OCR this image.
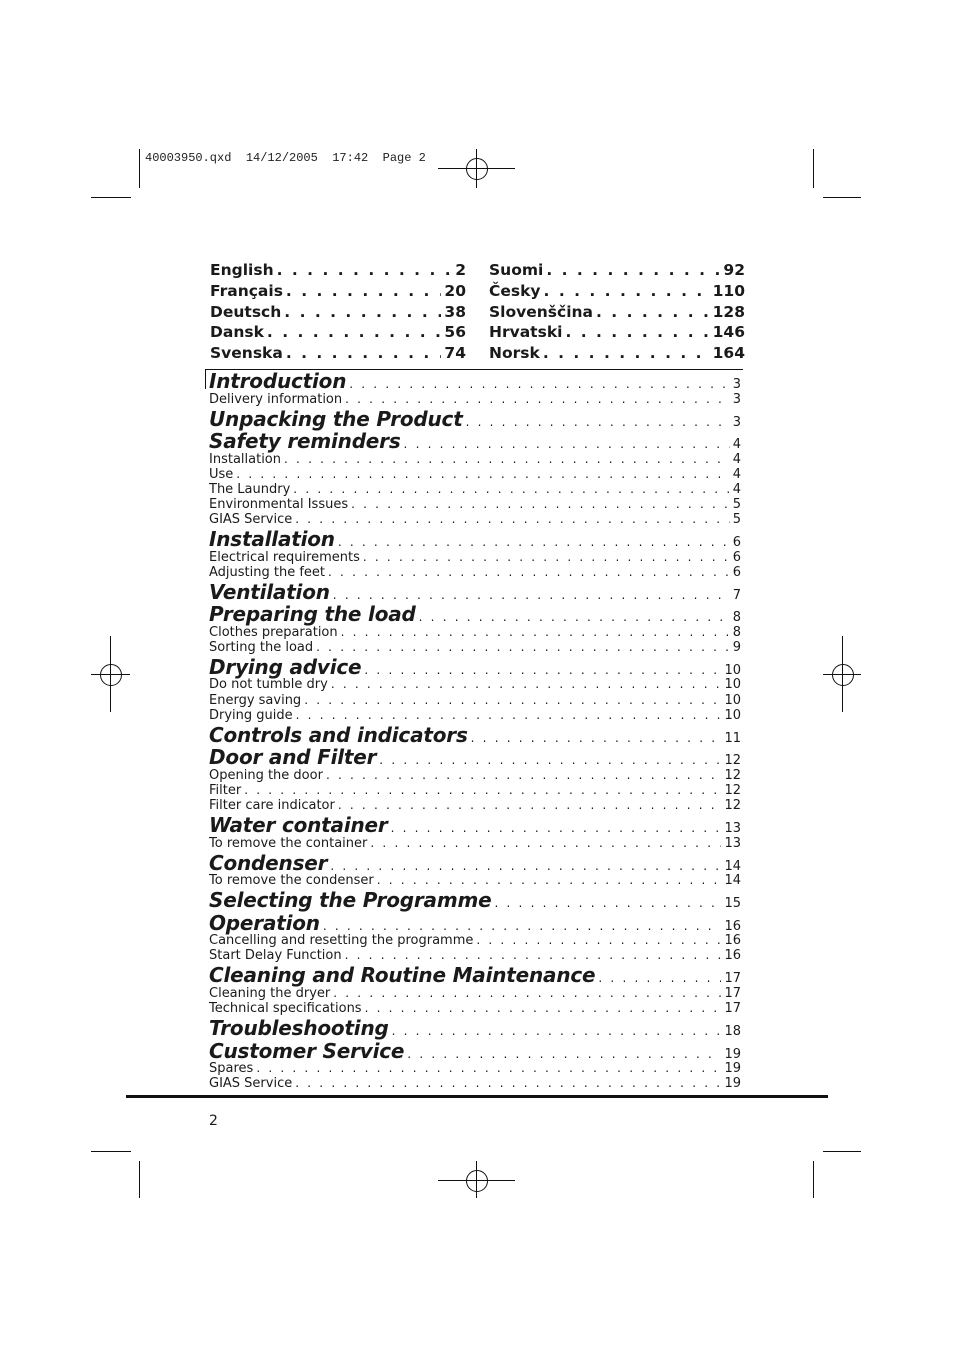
40003950.qxd  14/12/2005  17:42  Page 2
English . . .	2
Français . . .	20
Deutsch . . .	38
Dansk . . .	56
Svenska . . .	74
Suomi . . .	92
Česky . . .	110
Slovenščina . . .	128
Hrvatski . . .	146
Norsk . . .	164
Introduction . . .	3
Delivery information . . .	3
Unpacking the Product . . .	3
Safety reminders . . .	4
Installation . . .	4
Use . . .	4
The Laundry . . .	4
Environmental Issues . . .	5
GIAS Service . . .	5
Installation . . .	6
Electrical requirements . . .	6
Adjusting the feet . . .	6
Ventilation . . .	7
Preparing the load . . .	8
Clothes preparation . . .	8
Sorting the load . . .	9
Drying advice . . .	10
Do not tumble dry . . .	10
Energy saving . . .	10
Drying guide . . .	10
Controls and indicators . . .	11
Door and Filter . . .	12
Opening the door . . .	12
Filter . . .	12
Filter care indicator . . .	12
Water container . . .	13
To remove the container . . .	13
Condenser . . .	14
To remove the condenser . . .	14
Selecting the Programme . . .	15
Operation . . .	16
Cancelling and resetting the programme . . .	16
Start Delay Function . . .	16
Cleaning and Routine Maintenance . . .	17
Cleaning the dryer . . .	17
Technical specifications . . .	17
Troubleshooting . . .	18
Customer Service . . .	19
Spares . . .	19
GIAS Service . . .	19
2
